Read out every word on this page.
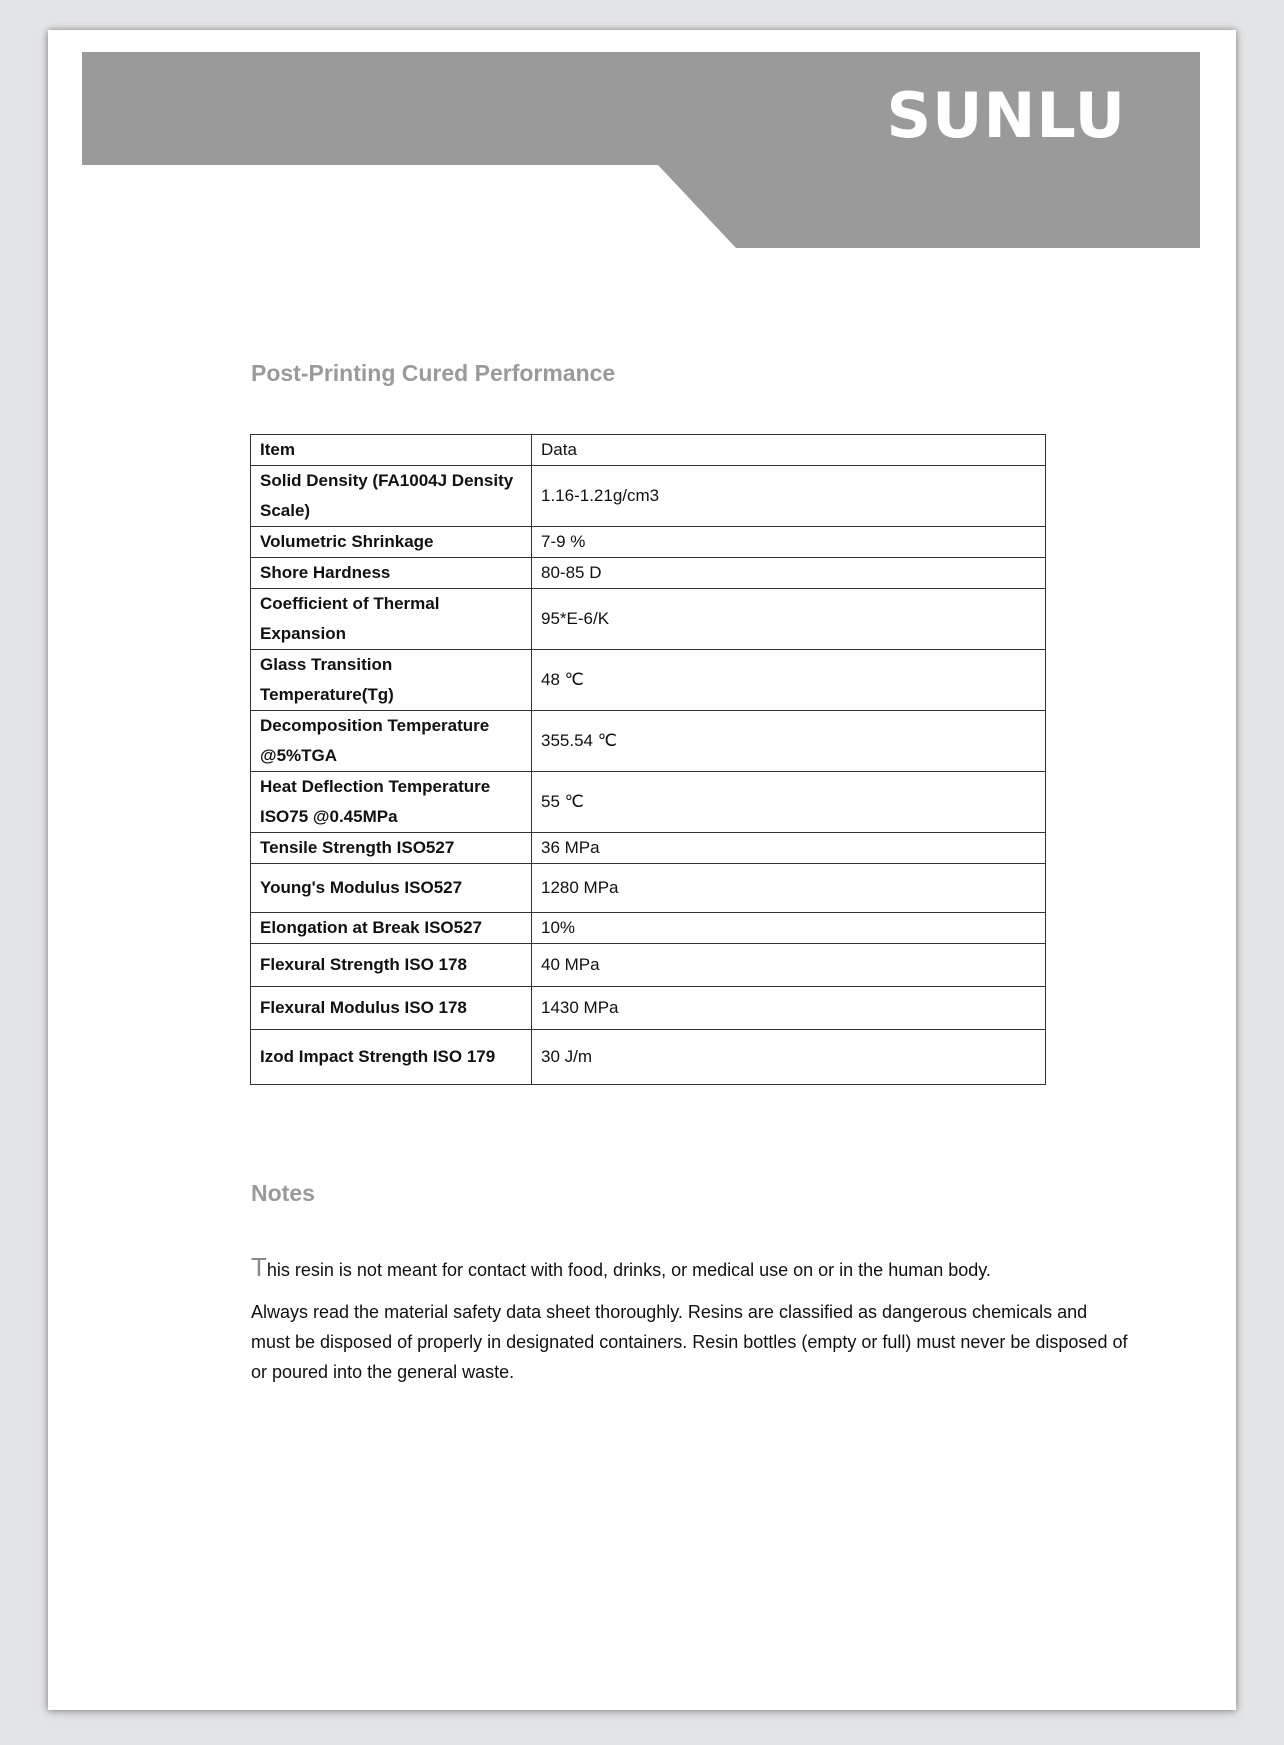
SUNLU
Post-Printing Cured Performance
Item	Data
Solid Density (FA1004J Density Scale)	1.16-1.21g/cm3
Volumetric Shrinkage	7-9 %
Shore Hardness	80-85 D
Coefficient of Thermal Expansion	95*E-6/K
Glass Transition Temperature(Tg)	48 ℃
Decomposition Temperature @5%TGA	355.54 ℃
Heat Deflection Temperature ISO75 @0.45MPa	55 ℃
Tensile Strength ISO527	36 MPa
Young's Modulus ISO527	1280 MPa
Elongation at Break ISO527	10%
Flexural Strength ISO 178	40 MPa
Flexural Modulus ISO 178	1430 MPa
Izod Impact Strength ISO 179	30 J/m
Notes

This resin is not meant for contact with food, drinks, or medical use on or in the human body.

Always read the material safety data sheet thoroughly. Resins are classified as dangerous chemicals and must be disposed of properly in designated containers. Resin bottles (empty or full) must never be disposed of or poured into the general waste.
